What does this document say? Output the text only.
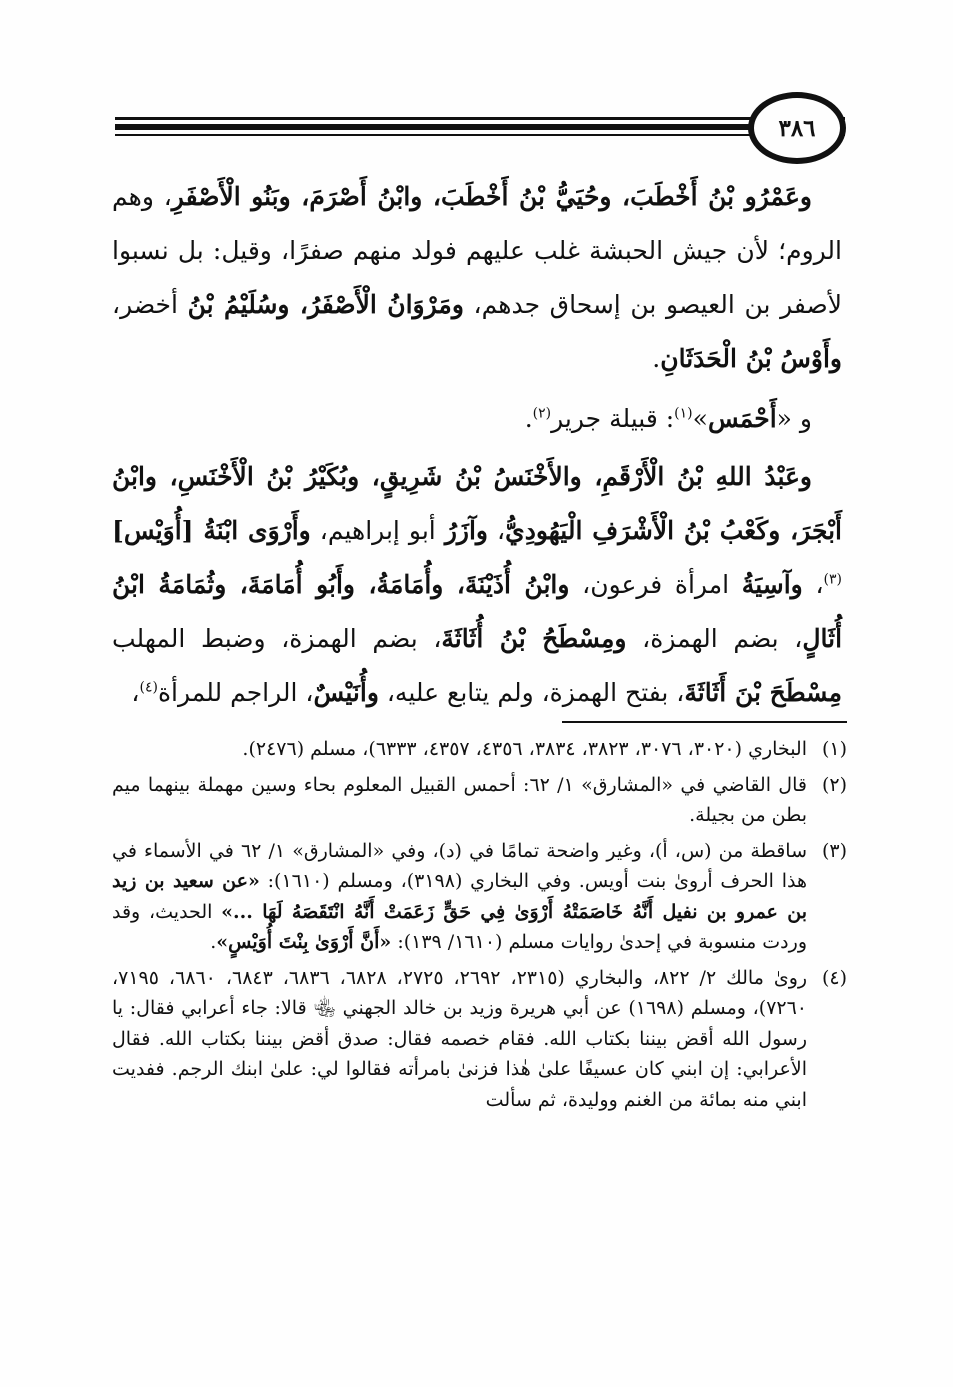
٣٨٦

وعَمْرُو بْنُ أَخْطَبَ، وحُيَيُّ بْنُ أَخْطَبَ، وابْنُ أَصْرَمَ، وبَنُو الْأَصْفَرِ، وهم الروم؛ لأن جيش الحبشة غلب عليهم فولد منهم صفرًا، وقيل: بل نسبوا لأصفر بن العيصو بن إسحاق جدهم، ومَرْوَانُ الْأَصْفَرُ، وسُلَيْمُ بْنُ أخضر، وأَوْسُ بْنُ الْحَدَثَانِ.

و «أَحْمَس»$^{(١)}$: قبيلة جرير$^{(٢)}$.

وعَبْدُ اللهِ بْنُ الْأَرْقَمِ، والأَخْنَسُ بْنُ شَرِيقٍ، وبُكَيْرُ بْنُ الْأَخْنَسِ، وابْنُ أَبْجَرَ، وكَعْبُ بْنُ الْأَشْرَفِ الْيَهُودِيُّ، وآزَرُ أبو إبراهيم، وأَرْوَى ابْنَةُ [أُوَيْس]$^{(٣)}$، وآسِيَةُ امرأة فرعون، وابْنُ أُذَيْنَةَ، وأُمَامَةُ، وأَبُو أُمَامَةَ، وثُمَامَةُ ابْنُ أُثَالٍ، بضم الهمزة، ومِسْطَحُ بْنُ أُثَاثَةَ، بضم الهمزة، وضبط المهلب مِسْطَحَ بْنَ أَثَاثَةَ، بفتح الهمزة، ولم يتابع عليه، وأُنَيْسٌ، الراجم للمرأة$^{(٤)}$،

(١)
البخاري (٣٠٢٠، ٣٠٧٦، ٣٨٢٣، ٣٨٣٤، ٤٣٥٦، ٤٣٥٧، ٦٣٣٣)، مسلم (٢٤٧٦).
(٢)
قال القاضي في «المشارق» ١/ ٦٢: أحمس القبيل المعلوم بحاء وسين مهملة بينهما ميم بطن من بجيلة.
(٣)
ساقطة من (س، أ)، وغير واضحة تمامًا في (د)، وفي «المشارق» ١/ ٦٢ في الأسماء في هذا الحرف أروىٰ بنت أويس. وفي البخاري (٣١٩٨)، ومسلم (١٦١٠): «عن سعيد بن زيد بن عمرو بن نفيل أَنَّهُ خَاصَمَتْهُ أَرْوَىٰ فِي حَقٍّ زَعَمَتْ أَنَّهُ انْتَقَصَهُ لَهَا ...» الحديث، وقد وردت منسوبة في إحدىٰ روايات مسلم (١٦١٠/ ١٣٩): «أَنَّ أَرْوَىٰ بِنْتَ أُوَيْسٍ».
(٤)
روىٰ مالك ٢/ ٨٢٢، والبخاري (٢٣١٥، ٢٦٩٢، ٢٧٢٥، ٦٨٢٨، ٦٨٣٦، ٦٨٤٣، ٦٨٦٠، ٧١٩٥، ٧٢٦٠)، ومسلم (١٦٩٨) عن أبي هريرة وزيد بن خالد الجهني ﵄ قالا: جاء أعرابي فقال: يا رسول الله أقض بيننا بكتاب الله. فقام خصمه فقال: صدق أقض بيننا بكتاب الله. فقال الأعرابي: إن ابني كان عسيفًا علىٰ هٰذا فزنىٰ بامرأته فقالوا لي: علىٰ ابنك الرجم. ففديت ابني منه بمائة من الغنم ووليدة، ثم سألت
